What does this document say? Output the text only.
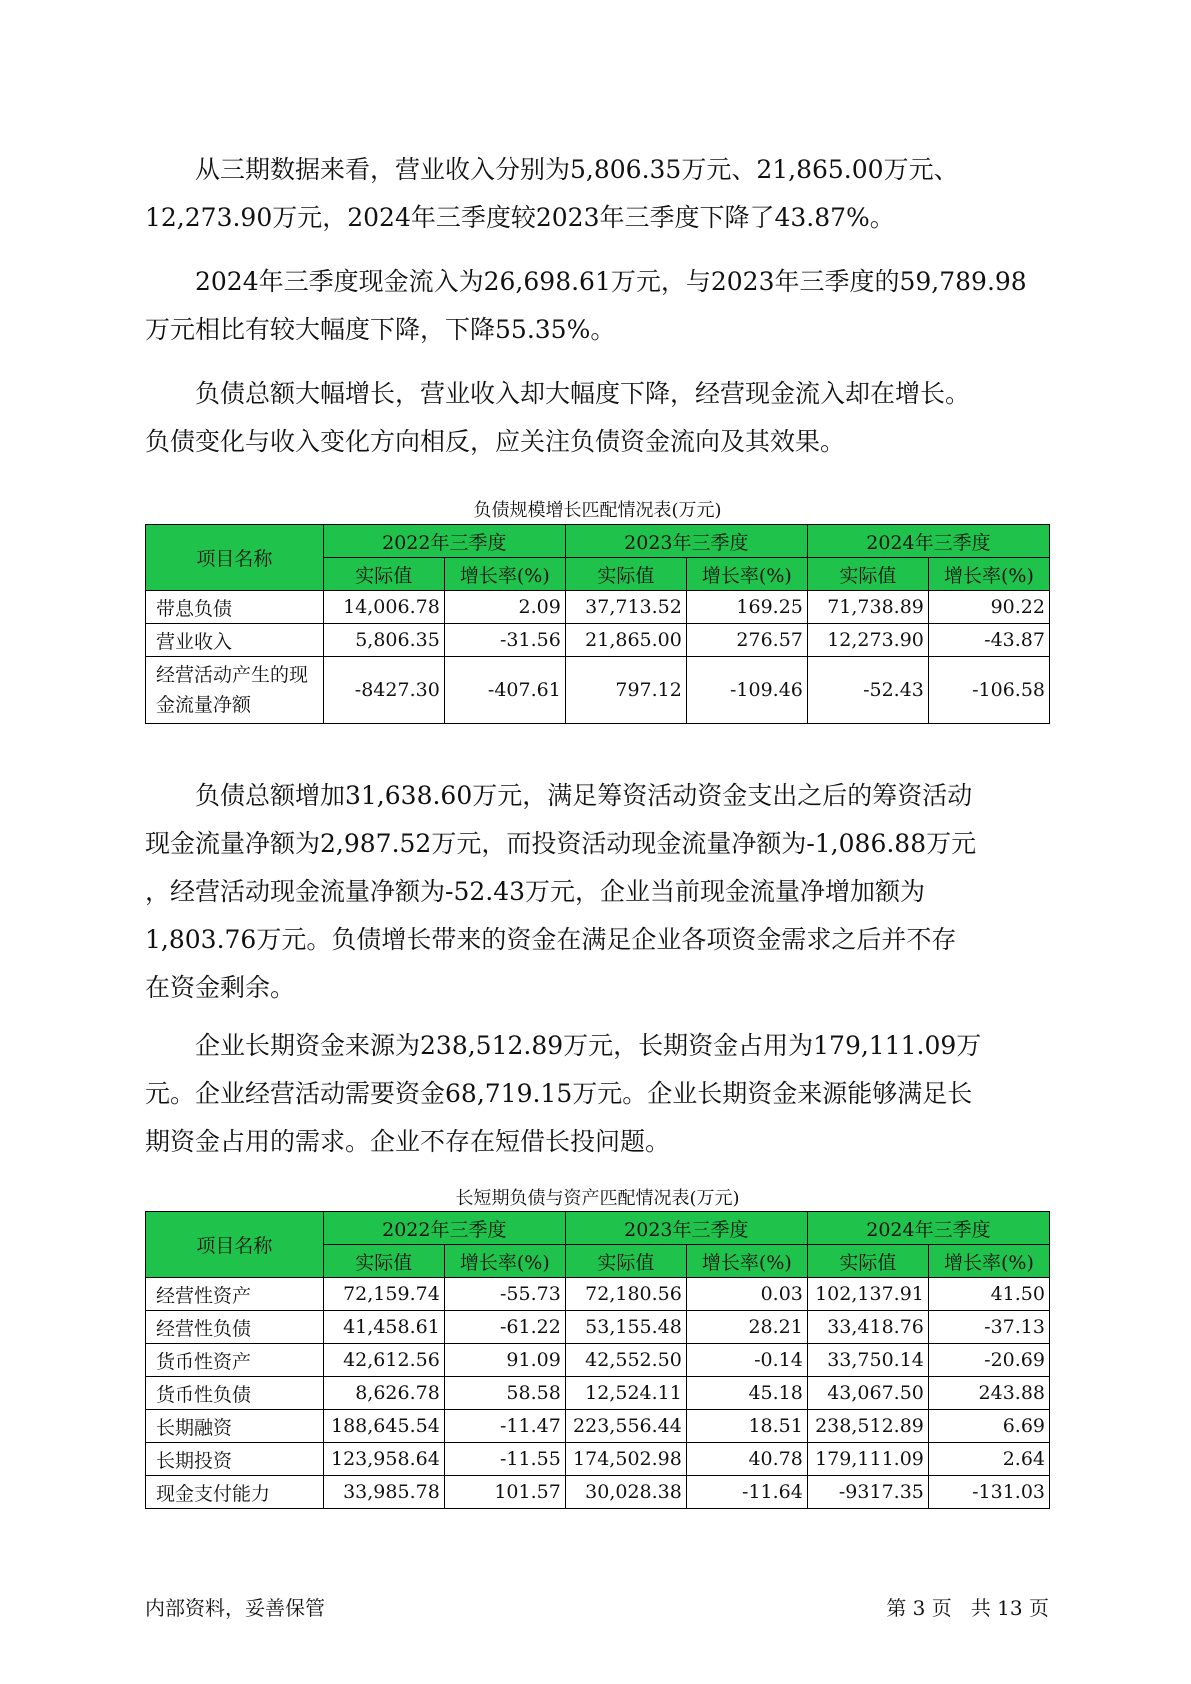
　　从三期数据来看，营业收入分别为5,806.35万元、21,865.00万元、
12,273.90万元，2024年三季度较2023年三季度下降了43.87%。
　　2024年三季度现金流入为26,698.61万元，与2023年三季度的59,789.98
万元相比有较大幅度下降，下降55.35%。
　　负债总额大幅增长，营业收入却大幅度下降，经营现金流入却在增长。
负债变化与收入变化方向相反，应关注负债资金流向及其效果。

负债规模增长匹配情况表(万元)

项目名称	2022年三季度		2023年三季度		2024年三季度	
	实际值	增长率(%)	实际值	增长率(%)	实际值	增长率(%)
带息负债	14,006.78	2.09	37,713.52	169.25	71,738.89	90.22
营业收入	5,806.35	-31.56	21,865.00	276.57	12,273.90	-43.87
经营活动产生的现金流量净额	-8427.30	-407.61	797.12	-109.46	-52.43	-106.58
　　负债总额增加31,638.60万元，满足筹资活动资金支出之后的筹资活动
现金流量净额为2,987.52万元，而投资活动现金流量净额为-1,086.88万元
，经营活动现金流量净额为-52.43万元，企业当前现金流量净增加额为
1,803.76万元。负债增长带来的资金在满足企业各项资金需求之后并不存
在资金剩余。
　　企业长期资金来源为238,512.89万元，长期资金占用为179,111.09万
元。企业经营活动需要资金68,719.15万元。企业长期资金来源能够满足长
期资金占用的需求。企业不存在短借长投问题。

长短期负债与资产匹配情况表(万元)

项目名称	2022年三季度		2023年三季度		2024年三季度	
	实际值	增长率(%)	实际值	增长率(%)	实际值	增长率(%)
经营性资产	72,159.74	-55.73	72,180.56	0.03	102,137.91	41.50
经营性负债	41,458.61	-61.22	53,155.48	28.21	33,418.76	-37.13
货币性资产	42,612.56	91.09	42,552.50	-0.14	33,750.14	-20.69
货币性负债	8,626.78	58.58	12,524.11	45.18	43,067.50	243.88
长期融资	188,645.54	-11.47	223,556.44	18.51	238,512.89	6.69
长期投资	123,958.64	-11.55	174,502.98	40.78	179,111.09	2.64
现金支付能力	33,985.78	101.57	30,028.38	-11.64	-9317.35	-131.03

内部资料，妥善保管	第 3 页   共 13 页
